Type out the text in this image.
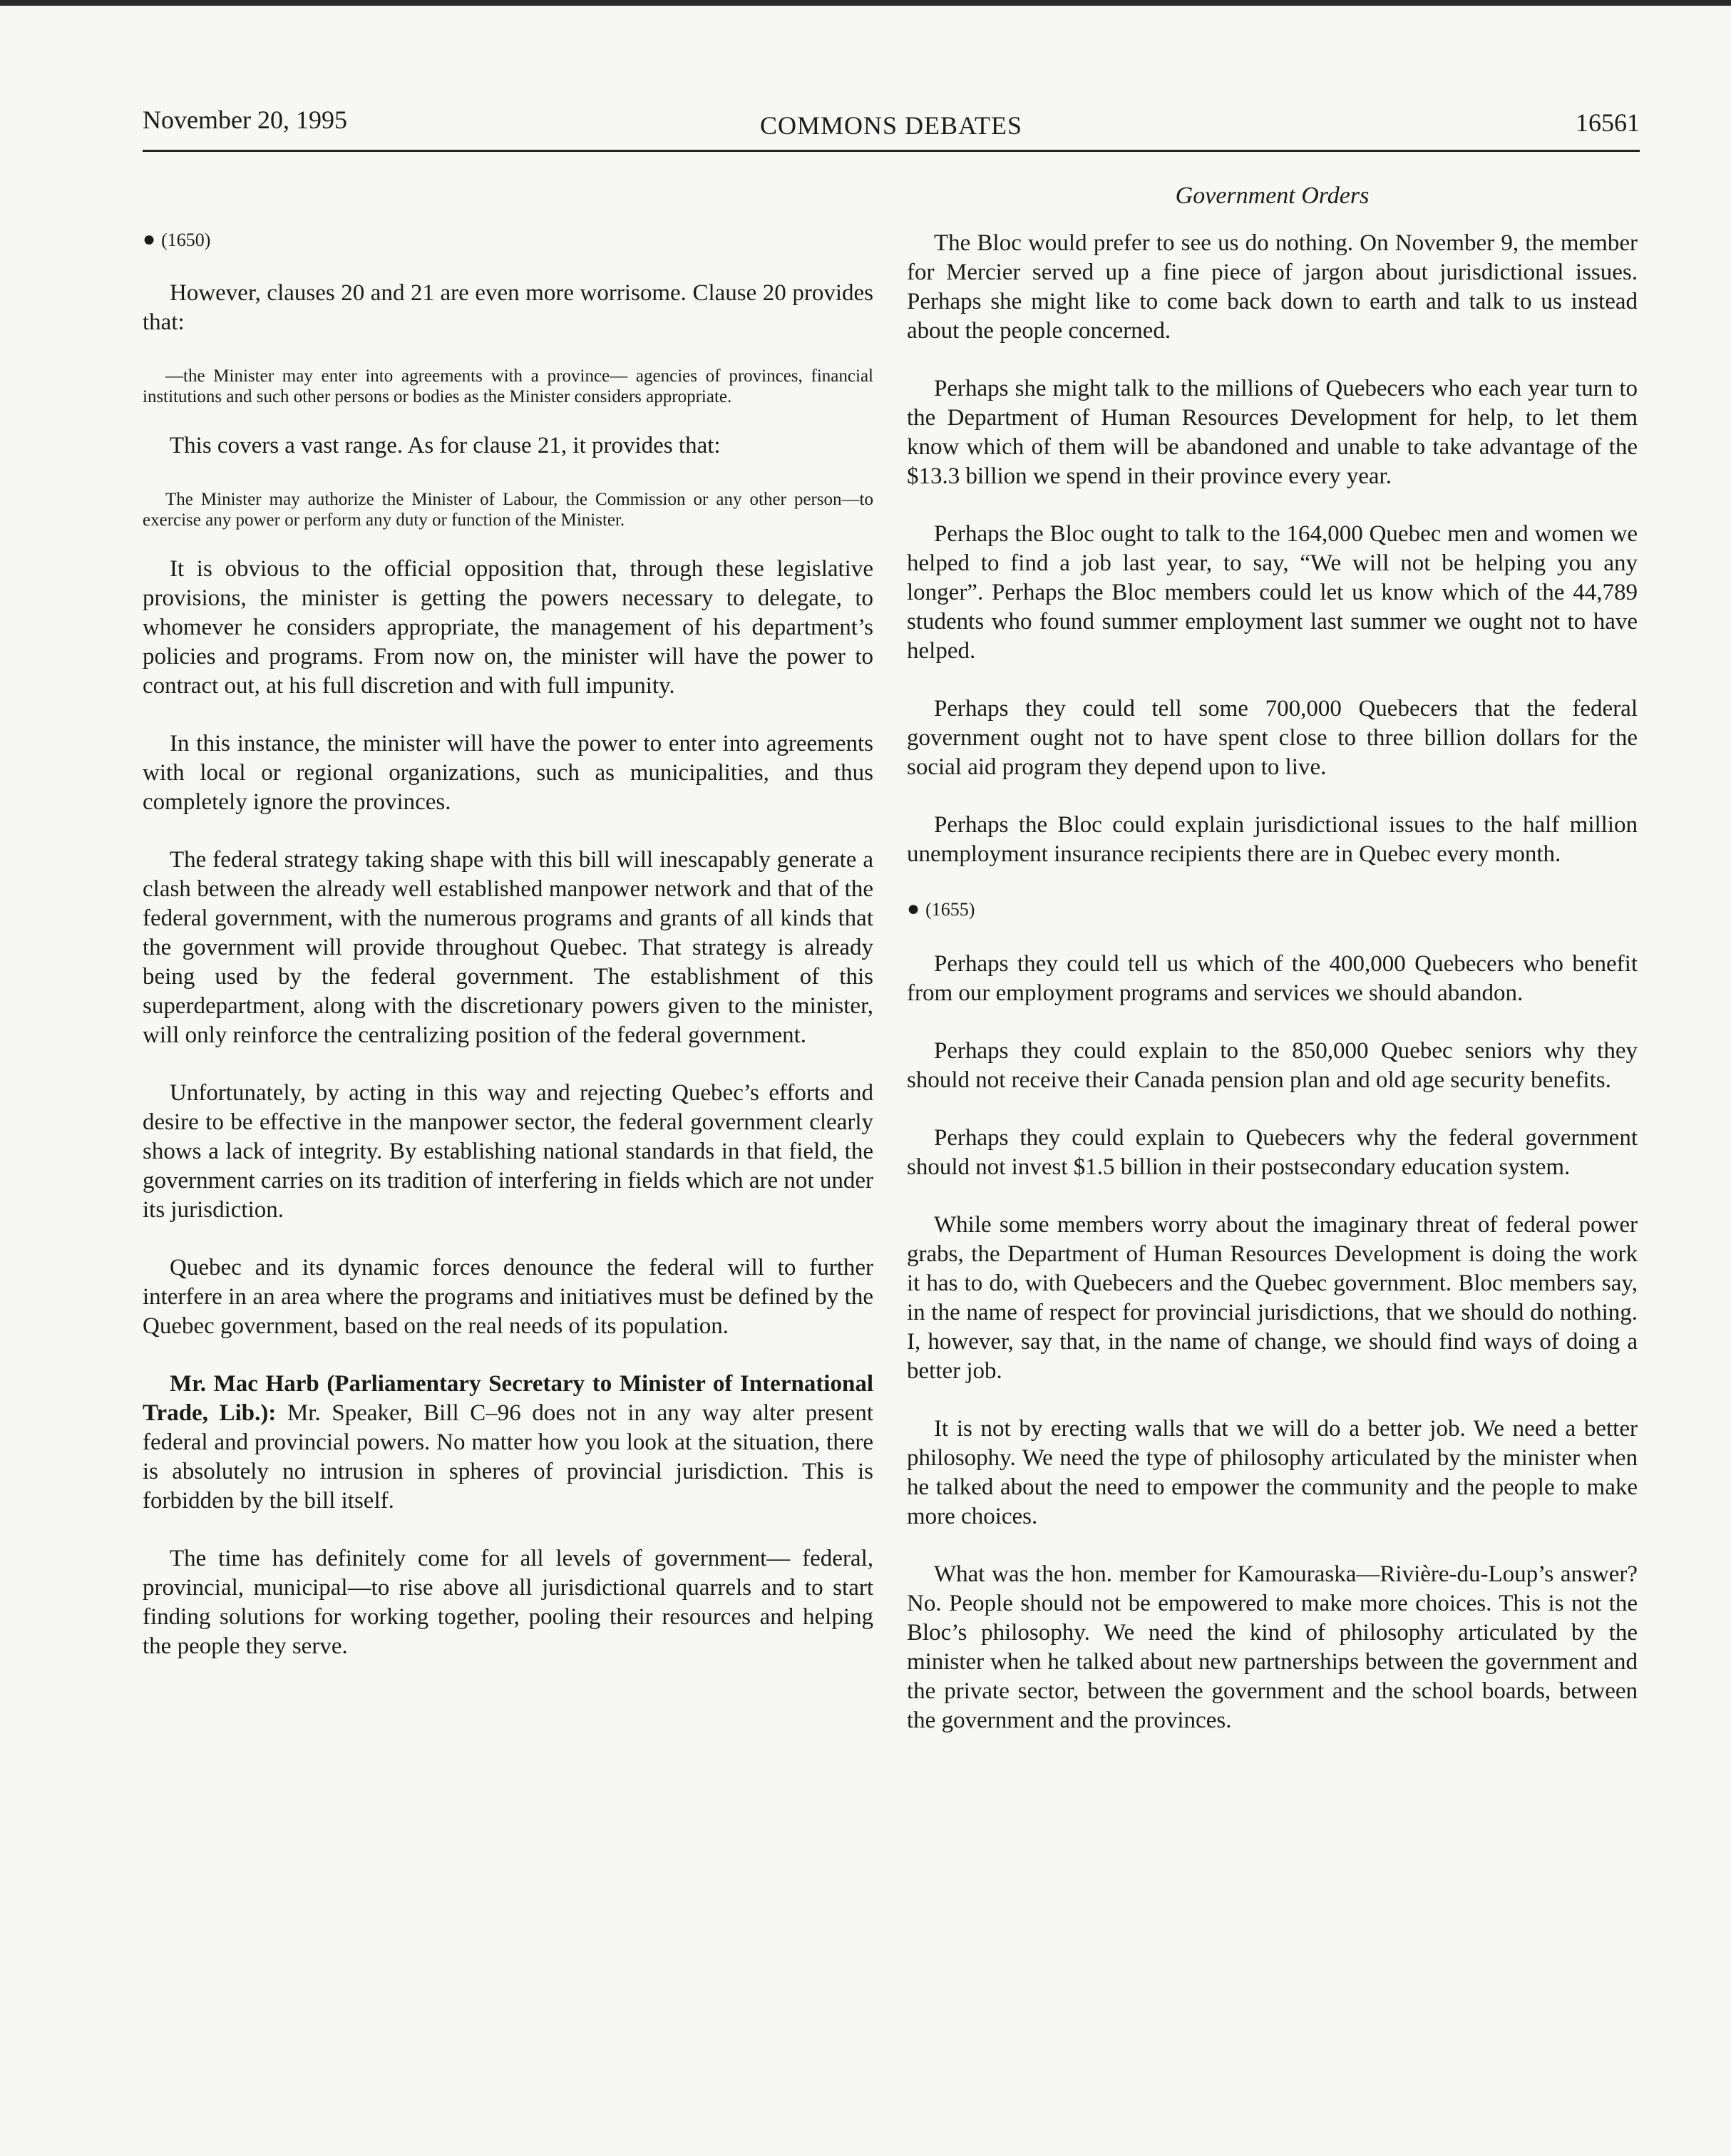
November 20, 1995	COMMONS DEBATES	16561
● (1650)

However, clauses 20 and 21 are even more worrisome. Clause 20 provides that:

—the Minister may enter into agreements with a province— agencies of provinces, financial institutions and such other persons or bodies as the Minister considers appropriate.

This covers a vast range. As for clause 21, it provides that:

The Minister may authorize the Minister of Labour, the Commission or any other person—to exercise any power or perform any duty or function of the Minister.

It is obvious to the official opposition that, through these legislative provisions, the minister is getting the powers necessary to delegate, to whomever he considers appropriate, the management of his department’s policies and programs. From now on, the minister will have the power to contract out, at his full discretion and with full impunity.

In this instance, the minister will have the power to enter into agreements with local or regional organizations, such as municipalities, and thus completely ignore the provinces.

The federal strategy taking shape with this bill will inescapably generate a clash between the already well established manpower network and that of the federal government, with the numerous programs and grants of all kinds that the government will provide throughout Quebec. That strategy is already being used by the federal government. The establishment of this superdepartment, along with the discretionary powers given to the minister, will only reinforce the centralizing position of the federal government.

Unfortunately, by acting in this way and rejecting Quebec’s efforts and desire to be effective in the manpower sector, the federal government clearly shows a lack of integrity. By establishing national standards in that field, the government carries on its tradition of interfering in fields which are not under its jurisdiction.

Quebec and its dynamic forces denounce the federal will to further interfere in an area where the programs and initiatives must be defined by the Quebec government, based on the real needs of its population.

Mr. Mac Harb (Parliamentary Secretary to Minister of International Trade, Lib.): Mr. Speaker, Bill C–96 does not in any way alter present federal and provincial powers. No matter how you look at the situation, there is absolutely no intrusion in spheres of provincial jurisdiction. This is forbidden by the bill itself.

The time has definitely come for all levels of government— federal, provincial, municipal—to rise above all jurisdictional quarrels and to start finding solutions for working together, pooling their resources and helping the people they serve.

Government Orders

The Bloc would prefer to see us do nothing. On November 9, the member for Mercier served up a fine piece of jargon about jurisdictional issues. Perhaps she might like to come back down to earth and talk to us instead about the people concerned.

Perhaps she might talk to the millions of Quebecers who each year turn to the Department of Human Resources Development for help, to let them know which of them will be abandoned and unable to take advantage of the $13.3 billion we spend in their province every year.

Perhaps the Bloc ought to talk to the 164,000 Quebec men and women we helped to find a job last year, to say, “We will not be helping you any longer”. Perhaps the Bloc members could let us know which of the 44,789 students who found summer employment last summer we ought not to have helped.

Perhaps they could tell some 700,000 Quebecers that the federal government ought not to have spent close to three billion dollars for the social aid program they depend upon to live.

Perhaps the Bloc could explain jurisdictional issues to the half million unemployment insurance recipients there are in Quebec every month.

● (1655)

Perhaps they could tell us which of the 400,000 Quebecers who benefit from our employment programs and services we should abandon.

Perhaps they could explain to the 850,000 Quebec seniors why they should not receive their Canada pension plan and old age security benefits.

Perhaps they could explain to Quebecers why the federal government should not invest $1.5 billion in their postsecondary education system.

While some members worry about the imaginary threat of federal power grabs, the Department of Human Resources Development is doing the work it has to do, with Quebecers and the Quebec government. Bloc members say, in the name of respect for provincial jurisdictions, that we should do nothing. I, however, say that, in the name of change, we should find ways of doing a better job.

It is not by erecting walls that we will do a better job. We need a better philosophy. We need the type of philosophy articulated by the minister when he talked about the need to empower the community and the people to make more choices.

What was the hon. member for Kamouraska—Rivière-du-Loup’s answer? No. People should not be empowered to make more choices. This is not the Bloc’s philosophy. We need the kind of philosophy articulated by the minister when he talked about new partnerships between the government and the private sector, between the government and the school boards, between the government and the provinces.
